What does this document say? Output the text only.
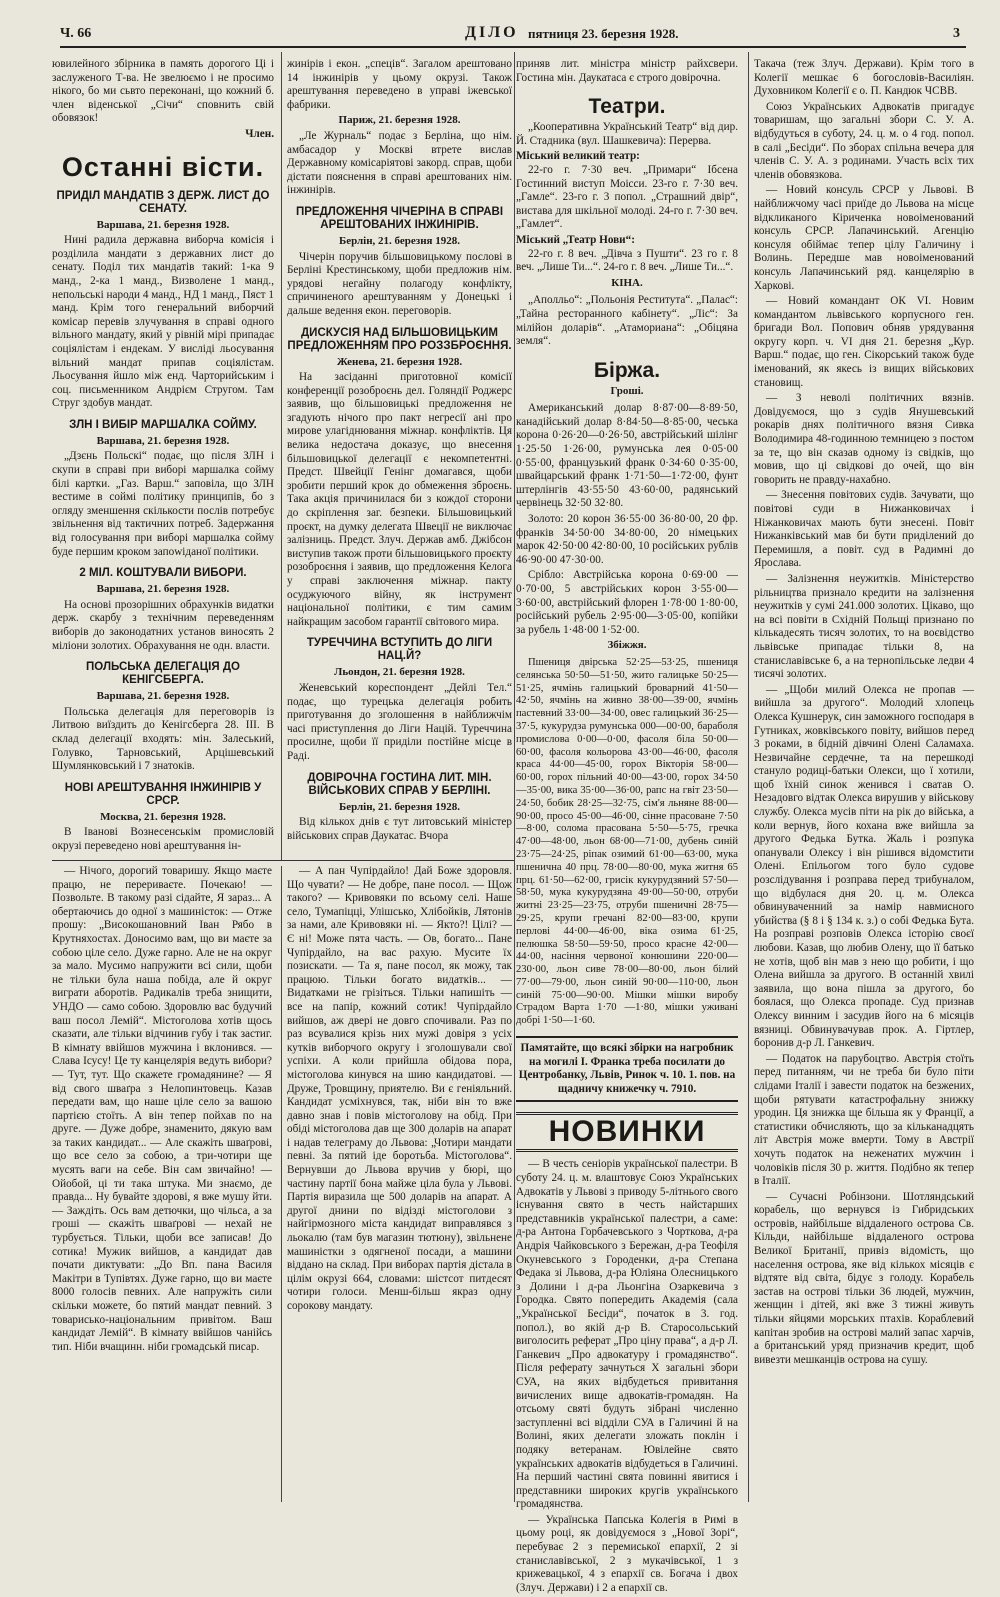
Ч. 66	ДІЛО пятниця 23. березня 1928.	3

ювилейного збірника в память дорогого Ці і заслуженого Т-ва. Не звелюємо і не просимо нікого, бо ми сьвто переконані, що кожний б. член віденської „Січи“ сповнить свій обовязок!

Член.
Останні вісти.
ПРИДІЛ МАНДАТІВ З ДЕРЖ. ЛИСТ ДО СЕНАТУ.
Варшава, 21. березня 1928.

Нині радила державна виборча комісія і розділила мандати з державних лист до сенату. Поділ тих мандатів такий: 1-ка 9 манд., 2-ка 1 манд., Визволене 1 манд., непольські народи 4 манд., НД 1 манд., Пяст 1 манд. Крім того генеральний виборчий комісар перевів злучування в справі одного вільного мандату, який у рівній мірі припадає соціялістам і ендекам. У висліді льосування вільний мандат припав соціялістам. Льосування йшло між енд. Чарторийським і соц. письменником Андрієм Стругом. Там Струг здобув мандат.

ЗЛН І ВИБІР МАРШАЛКА СОЙМУ.
Варшава, 21. березня 1928.

„Дзєнь Польскі“ подає, що після ЗЛН і скупи в справі при виборі маршалка сойму білі картки. „Газ. Варш.“ заповіла, що ЗЛН вестиме в соймі політику принципів, бо з огляду зменшення скількости послів потребує звільнення від тактичних потреб. Зaдержання від голосування при виборі маршалка сойму буде першим кроком запowіданої політики.

2 МІЛ. КОШТУВАЛИ ВИБОРИ.
Варшава, 21. березня 1928.

На основі прозорішних обрахунків видатки держ. скарбу з технічним переведенням виборів до законодатних установ виносять 2 мілiони золотих. Обрахування не одн. власти.

ПОЛЬСЬКА ДЕЛЕГАЦІЯ ДО КЕНІГСБЕРГА.
Варшава, 21. березня 1928.

Польська делегація для переговорів із Литвою виїздить до Кенігсберга 28. ІІІ. В склад делегації входять: мін. Залеський, Голувко, Тарновський, Арцішевський Шумлянковський і 7 знатоків.

НОВІ АРЕШТУВАННЯ ІНЖИНІРІВ У СРСР.
Москва, 21. березня 1928.

В Іванові Вознесенськім промисловій окрузі переведено нові арештування ін-

жинірів і екон. „спеців“. Загалом арештовано 14 інжинірів у цьому окрузі. Також арештування переведено в управі іжевської фабрики.

Париж, 21. березня 1928.

„Ле Журналь“ подає з Берліна, що нім. амбасадор у Москві втрете вислав Державному комісаріятові закорд. справ, щоби дістати пояснення в справі арештованих нім. інжинірів.

ПРЕДЛОЖЕННЯ ЧІЧЕРІНА В СПРАВІ АРЕШТОВАНИХ ІНЖИНІРІВ.
Берлін, 21. березня 1928.

Чічерін поручив більшовицькому послові в Берліні Крестинському, щоби предложив нім. урядові негайну полагоду конфлікту, спричиненого арештуванням у Донецькі і дальше ведення екон. переговорів.

ДИСКУСІЯ НАД БІЛЬШОВИЦЬКИМ ПРЕДЛОЖЕННЯМ ПРО РОЗЗБРОЄННЯ.
Женева, 21. березня 1928.

На засіданні приготовної комісії конференції розоброєнь дел. Голяндії Роджерс заявив, що більшовицькі предложення не згадують нічого про пакт негресії ані про мирове улагіднювання міжнар. конфліктів. Ця велика недостача доказує, що внесення більшовицької делегації є некомпетентні. Предст. Швейції Генінг домагався, щоби зробити перший крок до обмеження зброєнь. Така акція причинилася би з кождої сторони до скріплення заг. безпеки. Більшовицький проєкт, на думку делегата Швеції не виключає залізниць. Предст. Злуч. Держав амб. Джібсон виступив також проти більшовицького проєкту розоброєння і заявив, що предложення Келога у справі заключення міжнар. пакту осуджуючого війну, як інструмент національної політики, є тим самим найкращим засобом гарантії світового мира.

ТУРЕЧЧИНА ВСТУПИТЬ ДО ЛІГИ НАЦ.Й?
Льондон, 21. березня 1928.

Женевський кореспондент „Дейлі Тел.“ подає, що турецька делегація робить приготування до зголошення в найближчім часі приступлення до Ліги Націй. Туреччина просилне, щоби її приділи постійне місце в Раді.

ДОВІРОЧНА ГОСТИНА ЛИТ. МІН. ВІЙСЬКОВИХ СПРАВ У БЕРЛІНІ.
Берлін, 21. березня 1928.

Від кількох днів є тут литовський міністер військових справ Даукатас. Вчора

приняв лит. міністра міністр райхсвери. Гостина мін. Даукатаса є строго довірочна.

Театри.

„Кооперативна Український Театр“ від дир. Й. Стадника (вул. Шашкевича): Перерва.

Міський великий театр:

22-го г. 7·30 веч. „Примари“ Ібсена Гостинний виступ Моісси. 23-го г. 7·30 веч. „Гамле“. 23-го г. 3 попол. „Страшний двір“, вистава для шкільної молоді. 24-го г. 7·30 веч. „Гамлет“.

Міський „Театр Нови“:

22-го г. 8 веч. „Дівча з Пушти“. 23 го г. 8 веч. „Лише Ти...“. 24-го г. 8 веч. „Лише Ти...“.

КІНА.

„Аполльо“: „Польонія Реститута“. „Палас“: „Тайна ресторанного кабінету“. „Ліс“: За мілійон доларів“. „Атамориана“: „Обіцяна земля“.

Біржа.
Гроші.

Американський долар 8·87·00—8·89·50, канадійський долар 8·84·50—8·85·00, чеська корона 0·26·20—0·26·50, австрійський шілінг 1·25·50 1·26·00, румунська лея 0·05·00 0·55·00, французький франк 0·34·60 0·35·00, швайцарський франк 1·71·50—1·72·00, фунт штерлінгів 43·55·50 43·60·00, радянський червінець 32·50 32·80.

Золото: 20 корон 36·55·00 36·80·00, 20 фр. франків 34·50·00 34·80·00, 20 німецьких марок 42·50·00 42·80·00, 10 російських рублів 46·90·00 47·30·00.

Срібло: Австрійська корона 0·69·00 —0·70·00, 5 австрійських корон 3·55·00—3·60·00, австрійський флорен 1·78·00 1·80·00, російський рубель 2·95·00—3·05·00, копійки за рубель 1·48·00 1·52·00.

Збіжжя.

Пшениця двірська 52·25—53·25, пшениця селянська 50·50—51·50, жито галицьке 50·25—51·25, ячмінь галицький броварний 41·50—42·50, ячмінь на живно 38·00—39·00, ячмінь пастевний 33·00—34·00, овес галицький 36·25—37·5, кукурудза румунська 000—00·00, бараболя промислова 0·00—0·00, фасоля біла 50·00—60·00, фасоля кольорова 43·00—46·00, фасоля краса 44·00—45·00, горох Вікторія 58·00—60·00, горох пільний 40·00—43·00, горох 34·50—35·00, вика 35·00—36·00, рапс на гвіт 23·50—24·50, бобик 28·25—32·75, сім'я льняне 88·00—90·00, просо 45·00—46·00, сінне прасоване 7·50—8·00, солома прасована 5·50—5·75, гречка 47·00—48·00, льон 68·00—71·00, дубень синій 23·75—24·25, ріпак озимий 61·00—63·00, мука пшенична 40 прц. 78·00—80·00, мука житня 65 прц. 61·50—62·00, грисік кукурудзяний 57·50—58·50, мука кукурудзяна 49·00—50·00, отруби житні 23·25—23·75, отруби пшеничні 28·75—29·25, крупи гречані 82·00—83·00, крупи перлові 44·00—46·00, віка озима 61·25, пелюшка 58·50—59·50, просо красне 42·00—44·00, насіння червоної конюшини 220·00—230·00, льон сиве 78·00—80·00, льон білий 77·00—79·00, льон синій 90·00—110·00, льон синій 75·00—90·00. Мішки мішки виробу Страдом Варта 1·70 —1·80, мішки уживані добрі 1·50—1·60.

Памятайте, що всякі збірки на нагробник на могилі І. Франка треба посилати до Центробанку, Львів, Ринок ч. 10. 1. пов. на щадничу книжечку ч. 7910.
НОВИНКИ

— В честь сеніорів української палестри. В суботу 24. ц. м. влаштовує Союз Українських Адвокатів у Львові з приводу 5-літнього свого існування свято в честь найстарших представників української палестри, а саме: д-ра Антона Горбачевського з Чорткова, д-ра Андрія Чайковського з Бережан, д-ра Теофіля Окуневського з Городенки, д-ра Степана Федака зі Львова, д-ра Юліяна Олесницького з Долини і д-ра Льонгіна Озаркевича з Городка. Свято попередить Академія (сала „Української Бесіди“, початок в 3. год. попол.), во якій д-р В. Старосольський виголосить реферат „Про ціну права“, а д-р Л. Ганкевич „Про адвокатуру і громадянство“. Після реферату зачнуться X загальні збори СУА, на яких відбудеться привитання вичислених вище адвокатів-громадян. На отсьому святі будуть зібрані численно заступленні всі відділи СУА в Галичині й на Волині, яких делегати зложать поклін і подяку ветеранам. Ювілейне свято українських адвокатів відбудеться в Галичині. На перший частині свята повинні явитися і представники широких кругів українського громадянства.

— Українська Папська Колегія в Римі в цьому році, як довідуємося з „Нової Зорі“, перебуває 2 з перемиської епархії, 2 зі станиславівської, 2 з мукачівської, 1 з крижевацької, 4 з епархії св. Богача і двох (Злуч. Держави) і 2 а епархії св.

Такача (теж Злуч. Держави). Крім того в Колегії мешкає 6 богословів-Василіян. Духовником Колегії є о. П. Кандюк ЧСВВ.

Союз Українських Адвокатів пригадує товаришам, що загальні збори С. У. А. відбудуться в суботу, 24. ц. м. о 4 год. попол. в салі „Бесіди“. По зборах спільна вечера для членів С. У. А. з родинами. Участь всіх тих членів обовязкова.

— Новий консуль СРСР у Львові. В найближчому часі приїде до Львова на місце відкликаного Кіриченка новоіменований консуль СРСР. Лапачинський. Агенцію консуля обіймає тепер цілу Галичину і Волинь. Передше мав новоіменований консуль Лапачинський ряд. канцелярію в Харкові.

— Новий командант ОК VI. Новим командантом львівського корпусного ген. бригади Вол. Попович обняв урядування округу корп. ч. VI дня 21. березня „Кур. Варш.“ подає, що ген. Сікорський також буде іменований, як якесь із вищих військових становищ.

— З неволі політичних вязнів. Довідуємося, що з судів Янушевський рокарів днях політичного вязня Сивка Володимира 48-годинною темницею з постом за те, що він сказав одному із свідків, що мовив, що ці свідкові до очей, що він говорить не правду-нахабно.

— Знесення повітових судів. Зачувати, що повітові суди в Нижанковичах і Ніжанковичах мають бути знесені. Повіт Нижанківський мав би бути приділений до Перемишля, а повіт. суд в Радимні до Ярослава.

— Залізнення неужитків. Міністерство рільництва признало кредити на залізнення неужитків у сумі 241.000 золотих. Цікаво, що на всі повіти в Східній Польщі признано по кількадесять тисяч золотих, то на воєвідство львівське припадає тільки 8, на станиславівське 6, а на тернопільське ледви 4 тисячі золотих.

— „Щоби милий Олекса не пропав — вийшла за другого“. Молодий хлопець Олекса Кушнерук, син заможного господаря в Гутниках, жовківського повіту, вийшов перед 3 роками, в бідній дівчині Олені Саламаха. Незвичайне сердечне, та на перешкоді стануло родиці-батьки Олекси, що ї хотили, щоб їхній синок женився і сватав О. Незадовго відтак Олекса вирушив у військову службу. Олекса мусів піти на рік до війська, а коли вернув, його кохана вже вийшла за другого Федька Бутка. Жаль і розпука опанували Олексу і він рішився відомстити Олені. Епільогом того було судове розслідування і розправа перед трибуналом, що відбулася дня 20. ц. м. Олекса обвинуваченний за намір навмисного убийства (§ 8 і § 134 к. з.) о собі Федька Бута. На розправі розповів Олекса історію своєї любови. Казав, що любив Олену, що її батько не хотів, щоб він мав з нею що робити, і що Олена вийшла за другого. В останній хвилі заявила, що вона пішла за другого, бо боялася, що Олекса пропаде. Суд признав Олексу винним і засудив його на 6 місяців вязниці. Обвинувачував прок. А. Гіртлер, боронив д-р Л. Ганкевич.

— Податок на парубоцтво. Австрія стоїть перед питанням, чи не треба би було піти слідами Італії і завести податок на безжених, щоби рятувати катастрофальну знижку уродин. Ця знижка ще більша як у Франції, а статистики обчисляють, що за кільканадцять літ Австрія може вмерти. Тому в Австрії хочуть податок на неженатих мужчин і чоловіків після 30 р. життя. Подібно як тепер в Італії.

— Сучасні Робінзони. Шотляндський корабель, що вернувся із Гибридських островів, найбільше віддаленого острова Св. Кільди, найбільше віддаленого острова Великої Британії, привіз відомість, що населення острова, яке від кількох місяців є відтяте від світа, бідує з голоду. Корабель застав на острові тільки 36 людей, мужчин, женщин і дітей, які вже 3 тижні живуть тільки яйцями морських птахів. Кораблевий капітан зробив на острові малий запас харчів, а британський уряд призначив кредит, щоб вивезти мешканців острова на сушу.

— Нічого, дорогий товаришу. Якщо маєте працю, не перериваєте. Почекаю! — Позвольте. В такому разі сідайте, Я зараз... А обертаючись до одної з машиністок: — Отже прошу: „Високошановний Іван Рябо в Крутняхостах. Доносимо вам, що ви маєте за собою ціле село. Дуже гарно. Але не на округ за мало. Мусимо напружити всі сили, щоби не тільки була наша побіда, але й округ виграти аборотів. Радикалів треба знищити, УНДО — само собою. Здоровлю вас будучий ваш посол Лемій“. Містоголова хотів щось сказати, але тільки відчинив губу і так застиг. В кімнату ввійшов мужчина і вклонився. — Слава Ісусу! Це ту канцелярія ведуть вибори? — Тут, тут. Що скажете громадянине? — Я від свого шваґра з Нелопинтовець. Казав передати вам, що наше ціле село за вашою партією стоїть. А він тепер пойхав по на друге. — Дуже добре, знаменито, дякую вам за таких кандидат... — Але скажіть шваґрові, що все село за собою, а три-чотири ще мусять ваги на себе. Він сам звичайно! — Ойобой, ці ти така штука. Ми знаємо, де правда... Ну бувайте здорові, я вже мушу йти. — Зaждіть. Ось вам детючки, що чільса, а за гроші — скажіть шваґрові — нехай не турбується. Тільки, щоби все записав! До сотика! Мужик вийшов, а кандидат дав почати диктувати: „До Вп. пана Василя Макітри в Тупівтях. Дуже гарно, що ви маєте 8000 голосів певних. Але напружіть сили скільки можете, бо пятий мандат певний. З товариськo-національним привітом. Ваш кандидат Лемій“. В кімнату ввійшов чанійсь тип. Ніби вчащинн. ніби громадськй писар.

— А пан Чупірдайло! Дай Боже здоровля. Що чувати? — Не добре, пане посол. — Щож такого? — Кривовяки по всьому селі. Наше село, Тумапіцці, Улішсько, Хлібойків, Лятонів за нами, але Кривовяки ні. — Якто?! Цілі? — Є ні! Може пята часть. — Ов, богато... Пане Чупірдайло, на вас рахую. Мусите їх позискати. — Та я, пане посол, як можу, так працюю. Тільки богато видатків... — Видатками не грізіться. Тільки напишіть — все на папір, кожний сотик! Чупірдайло вийшов, аж двері не довго спочивали. Раз по раз всувалися крізь них мужі довіря з усіх кутків виборчого округу і зголошували свої успіхи. А коли прийшла обідова пора, містоголова кинувся на шию кандидатові. — Друже, Тровщину, приятелю. Ви є гeніяльний. Кандидат усміхнувся, так, ніби він то вже давно знав і повів містоголову на обід. При обіді містоголова дав ще 300 доларів на апарат і надав телеграму до Львова: „Чотири мандати певні. За пятий іде боротьба. Містоголова“. Вернувши до Львова вручив у бюрі, що частину партії бона майже ціла була у Львові. Партія виразила ще 500 доларів на апарат. А другої днини по відізді містоголови з найгірмозного міста кандидат виправлявся з льокалю (там був магазин тютюну), звільнене машиністки з одягненої посади, а машини віддано на склад. При виборах партія дістала в цілім окрузі 664, словами: шістсот питдесят чотири голоси. Менш-більш якраз одну сорокову мандату.
